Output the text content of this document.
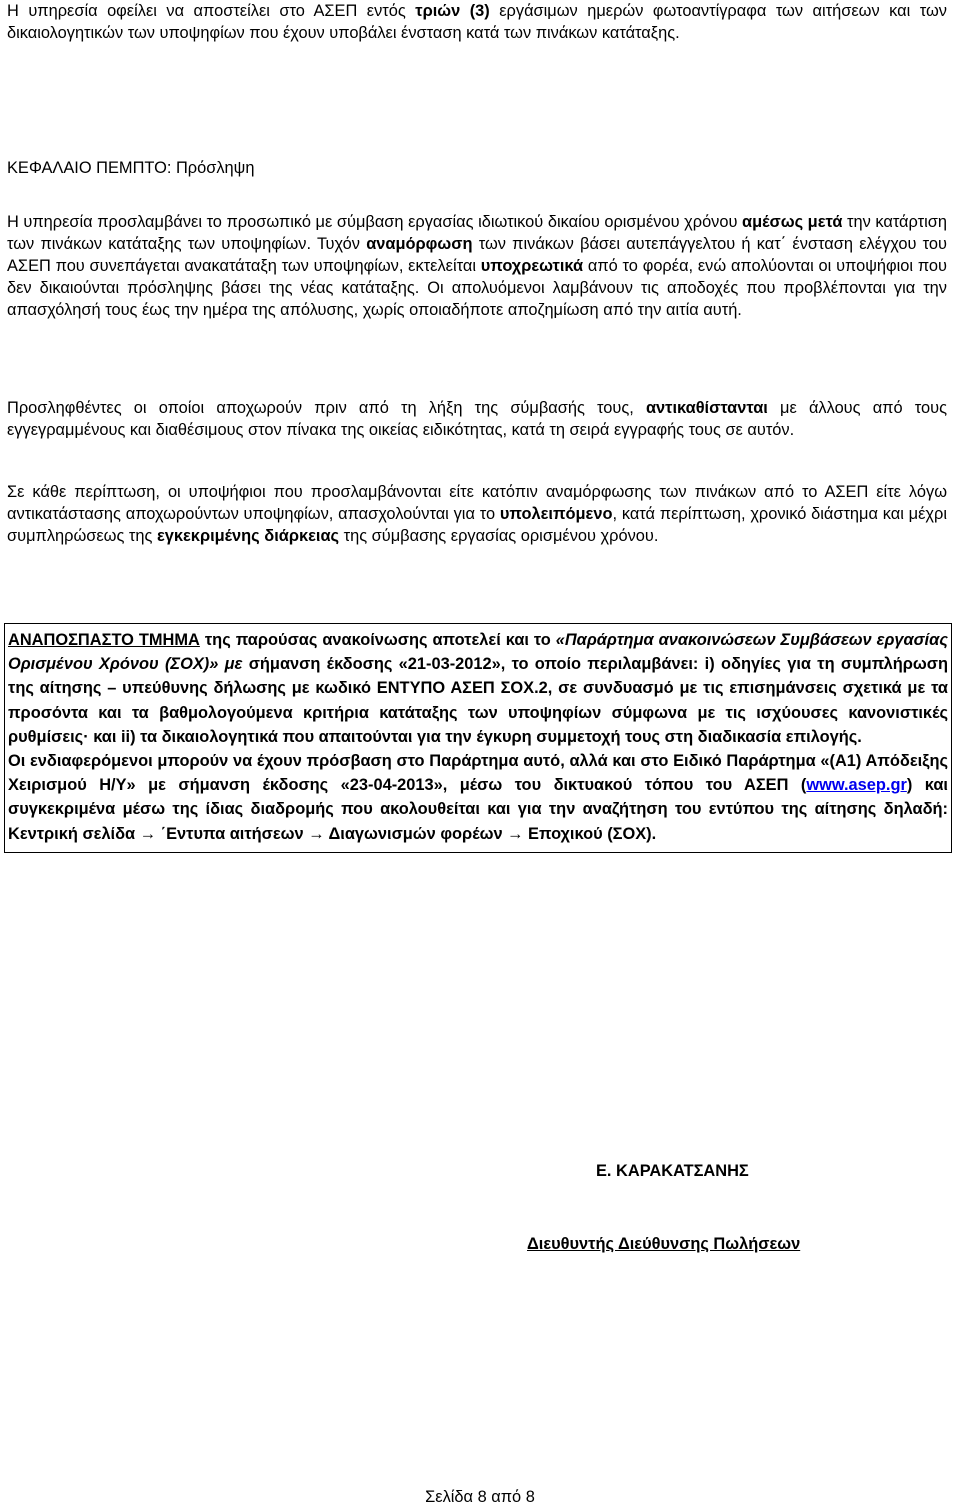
Η υπηρεσία οφείλει να αποστείλει στο ΑΣΕΠ εντός τριών (3) εργάσιμων ημερών φωτοαντίγραφα των αιτήσεων και των δικαιολογητικών των υποψηφίων που έχουν υποβάλει ένσταση κατά των πινάκων κατάταξης.

ΚΕΦΑΛΑΙΟ ΠΕΜΠΤΟ: Πρόσληψη

Η υπηρεσία προσλαμβάνει το προσωπικό με σύμβαση εργασίας ιδιωτικού δικαίου ορισμένου χρόνου αμέσως μετά την κατάρτιση των πινάκων κατάταξης των υποψηφίων. Τυχόν αναμόρφωση των πινάκων βάσει αυτεπάγγελτου ή κατ΄ ένσταση ελέγχου του ΑΣΕΠ που συνεπάγεται ανακατάταξη των υποψηφίων, εκτελείται υποχρεωτικά από το φορέα, ενώ απολύονται οι υποψήφιοι που δεν δικαιούνται πρόσληψης βάσει της νέας κατάταξης. Οι απολυόμενοι λαμβάνουν τις αποδοχές που προβλέπονται για την απασχόλησή τους έως την ημέρα της απόλυσης, χωρίς οποιαδήποτε αποζημίωση από την αιτία αυτή.

Προσληφθέντες οι οποίοι αποχωρούν πριν από τη λήξη της σύμβασής τους, αντικαθίστανται με άλλους από τους εγγεγραμμένους και διαθέσιμους στον πίνακα της οικείας ειδικότητας, κατά τη σειρά εγγραφής τους σε αυτόν.

Σε κάθε περίπτωση, οι υποψήφιοι που προσλαμβάνονται είτε κατόπιν αναμόρφωσης των πινάκων από το ΑΣΕΠ είτε λόγω αντικατάστασης αποχωρούντων υποψηφίων, απασχολούνται για το υπολειπόμενο, κατά περίπτωση, χρονικό διάστημα και μέχρι συμπληρώσεως της εγκεκριμένης διάρκειας της σύμβασης εργασίας ορισμένου χρόνου.

ΑΝΑΠΟΣΠΑΣΤΟ ΤΜΗΜΑ της παρούσας ανακοίνωσης αποτελεί και το «Παράρτημα ανακοινώσεων Συμβάσεων εργασίας Ορισμένου Χρόνου (ΣΟΧ)» με σήμανση έκδοσης «21-03-2012», το οποίο περιλαμβάνει: i) οδηγίες για τη συμπλήρωση της αίτησης – υπεύθυνης δήλωσης με κωδικό ΕΝΤΥΠΟ ΑΣΕΠ ΣΟΧ.2, σε συνδυασμό με τις επισημάνσεις σχετικά με τα προσόντα και τα βαθμολογούμενα κριτήρια κατάταξης των υποψηφίων σύμφωνα με τις ισχύουσες κανονιστικές ρυθμίσεις· και ii) τα δικαιολογητικά που απαιτούνται για την έγκυρη συμμετοχή τους στη διαδικασία επιλογής.
Οι ενδιαφερόμενοι μπορούν να έχουν πρόσβαση στο Παράρτημα αυτό, αλλά και στο Ειδικό Παράρτημα «(Α1) Απόδειξης Χειρισμού Η/Υ» με σήμανση έκδοσης «23-04-2013», μέσω του δικτυακού τόπου του ΑΣΕΠ (www.asep.gr) και συγκεκριμένα μέσω της ίδιας διαδρομής που ακολουθείται και για την αναζήτηση του εντύπου της αίτησης δηλαδή: Κεντρική σελίδα → ΄Εντυπα αιτήσεων → Διαγωνισμών φορέων → Εποχικού (ΣΟΧ).
Ε. ΚΑΡΑΚΑΤΣΑΝΗΣ
Διευθυντής Διεύθυνσης Πωλήσεων
Σελίδα 8 από 8
